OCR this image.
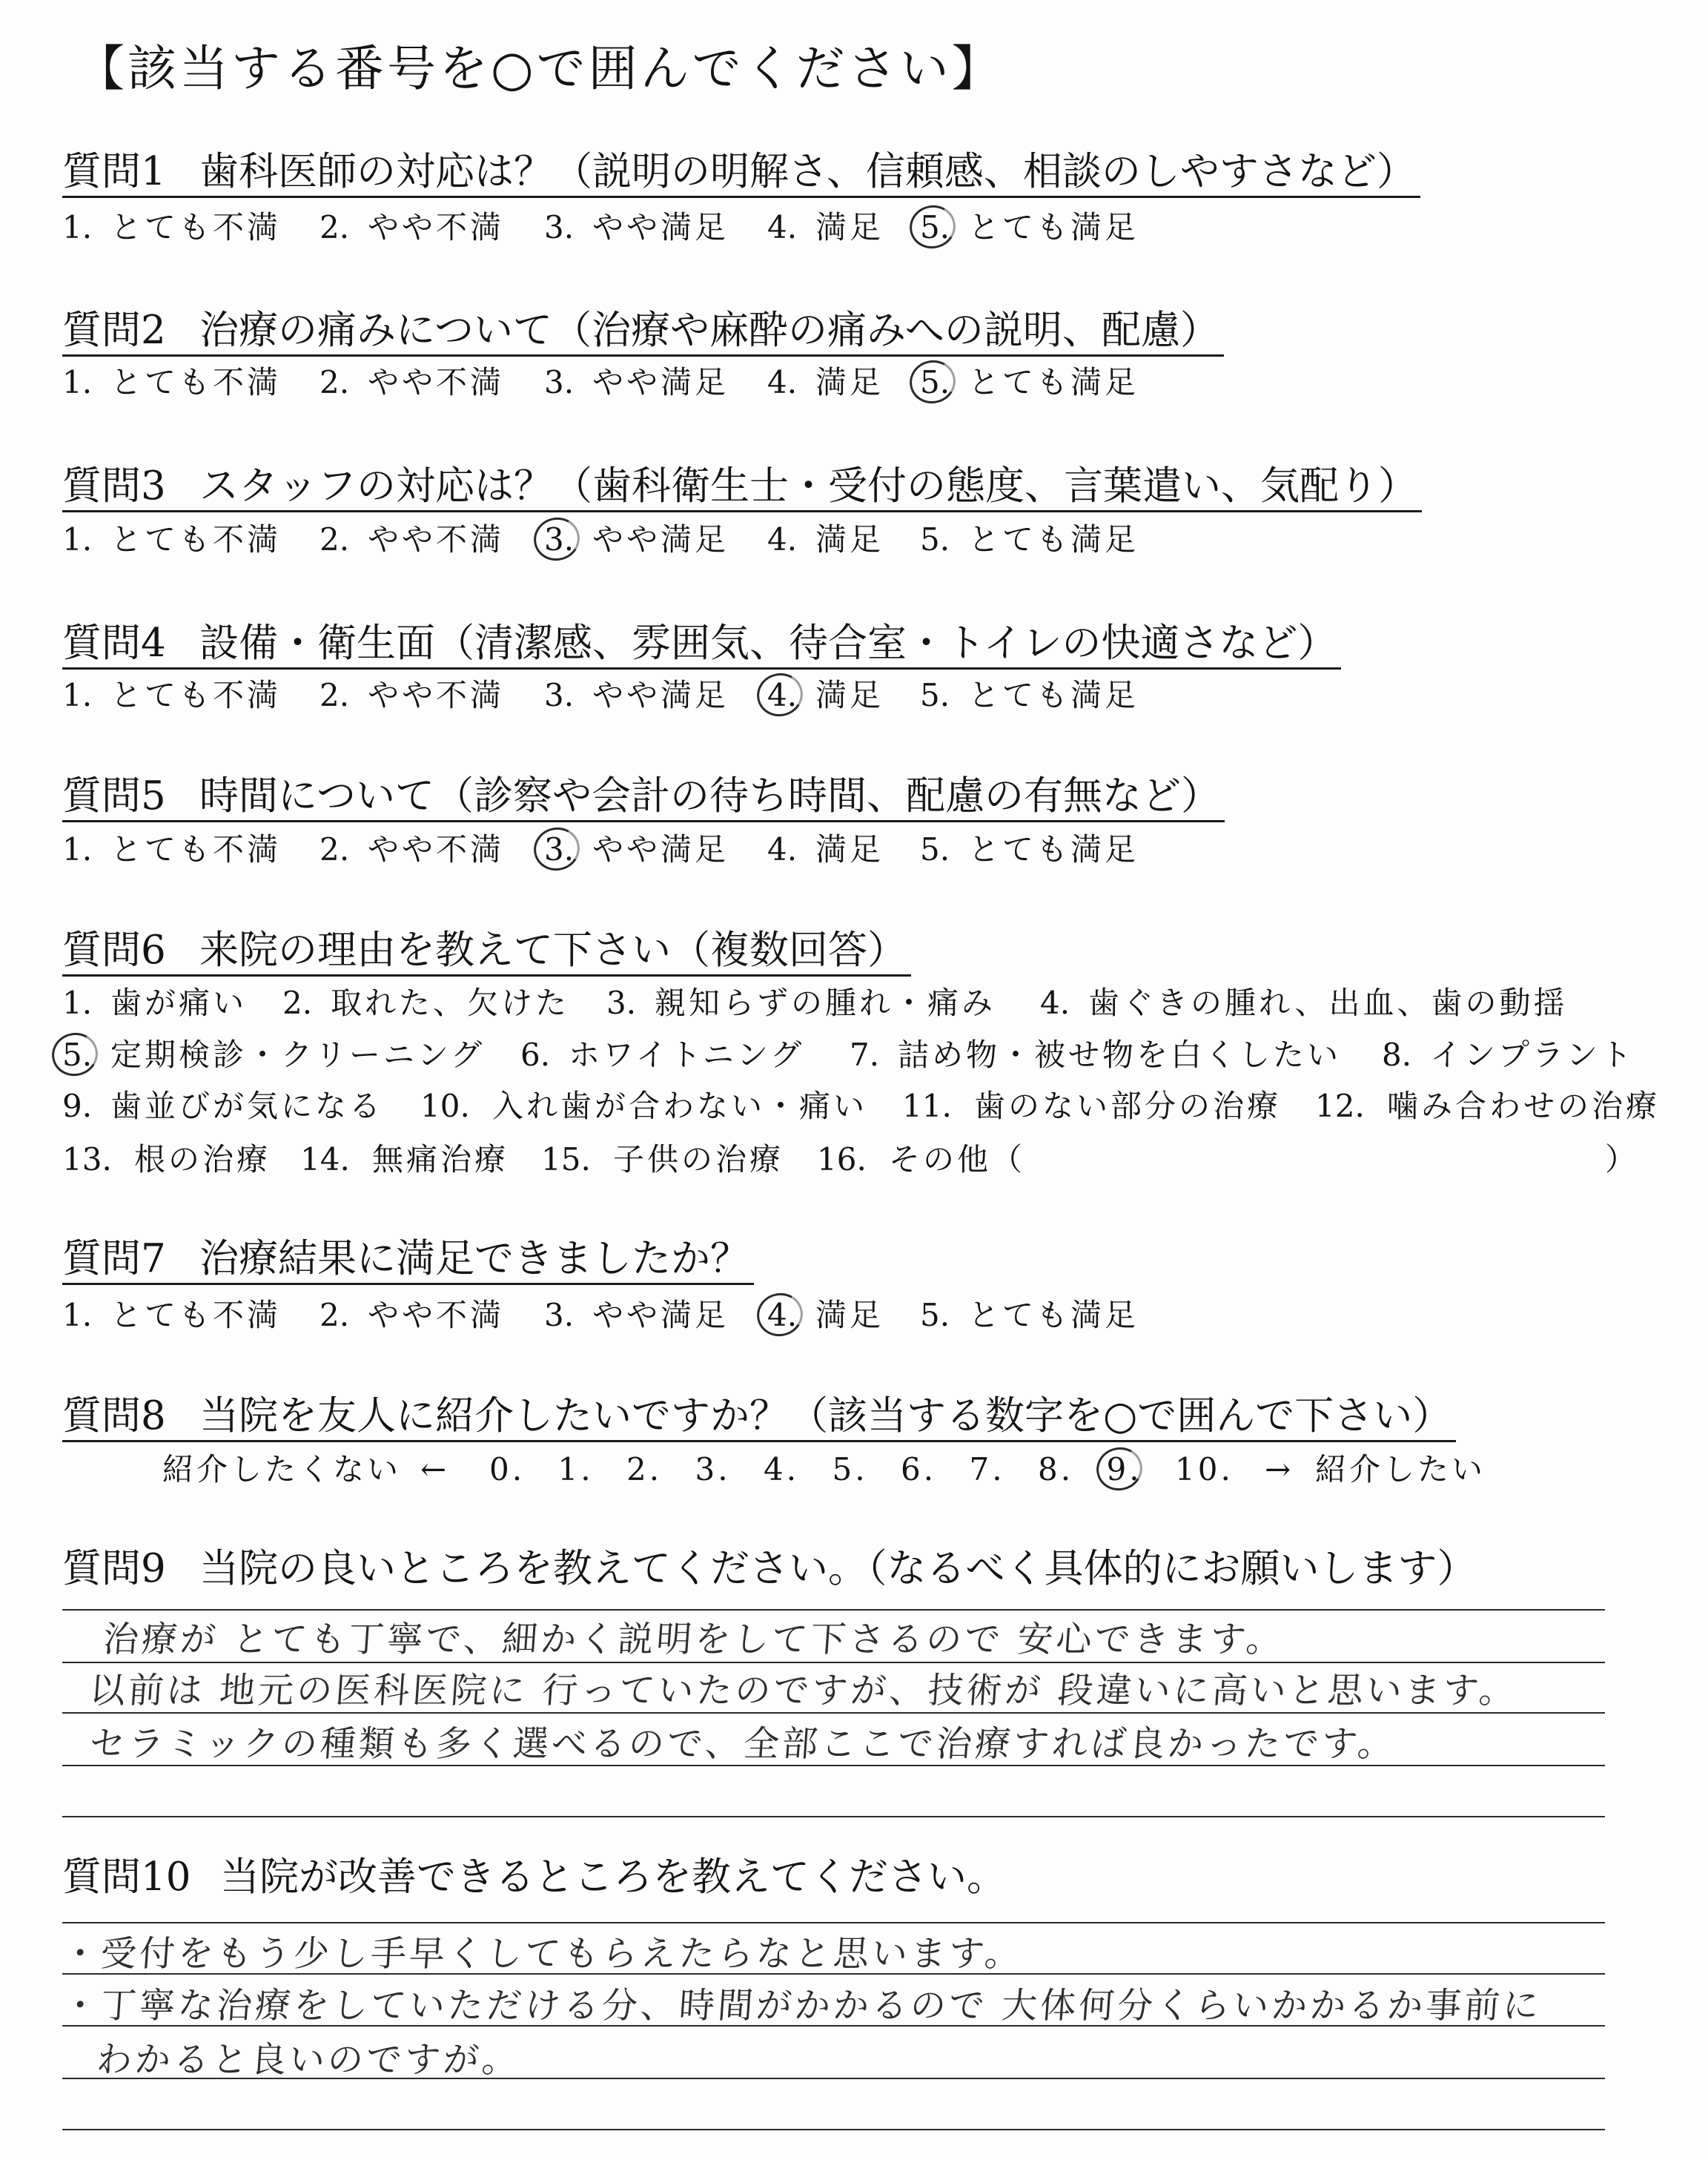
【該当する番号を○で囲んでください】
質問1 歯科医師の対応は？（説明の明解さ、信頼感、相談のしやすさなど）
1. とても不満 2. やや不満 3. やや満足 4. 満足 5. とても満足
質問2 治療の痛みについて（治療や麻酔の痛みへの説明、配慮）
1. とても不満 2. やや不満 3. やや満足 4. 満足 5. とても満足
質問3 スタッフの対応は？（歯科衛生士・受付の態度、言葉遣い、気配り）
1. とても不満 2. やや不満 3. やや満足 4. 満足 5. とても満足
質問4 設備・衛生面（清潔感、雰囲気、待合室・トイレの快適さなど）
1. とても不満 2. やや不満 3. やや満足 4. 満足 5. とても満足
質問5 時間について（診察や会計の待ち時間、配慮の有無など）
1. とても不満 2. やや不満 3. やや満足 4. 満足 5. とても満足
質問6 来院の理由を教えて下さい（複数回答）
1. 歯が痛い 2. 取れた、欠けた 3. 親知らずの腫れ・痛み 4. 歯ぐきの腫れ、出血、歯の動揺
5. 定期検診・クリーニング 6. ホワイトニング 7. 詰め物・被せ物を白くしたい 8. インプラント
9. 歯並びが気になる 10. 入れ歯が合わない・痛い 11. 歯のない部分の治療 12. 噛み合わせの治療
13. 根の治療 14. 無痛治療 15. 子供の治療 16. その他（	）
質問7 治療結果に満足できましたか？
1. とても不満 2. やや不満 3. やや満足 4. 満足 5. とても満足
質問8 当院を友人に紹介したいですか？（該当する数字を○で囲んで下さい）
紹介したくない ← 0. 1. 2. 3. 4. 5. 6. 7. 8. 9. 10. → 紹介したい
質問9 当院の良いところを教えてください。（なるべく具体的にお願いします）
治療が とても丁寧で、細かく説明をして下さるので 安心できます。
以前は 地元の医科医院に 行っていたのですが、技術が 段違いに高いと思います。
セラミックの種類も多く選べるので、全部ここで治療すれば良かったです。
質問10 当院が改善できるところを教えてください。
・受付をもう少し手早くしてもらえたらなと思います。
・丁寧な治療をしていただける分、時間がかかるので 大体何分くらいかかるか事前に
わかると良いのですが。
